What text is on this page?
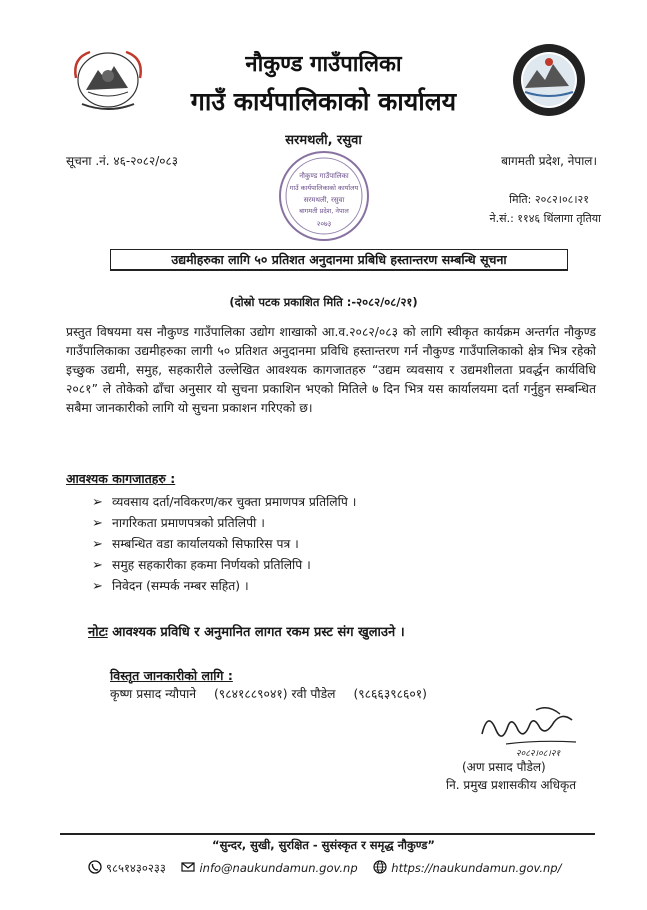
नौकुण्ड गाउँपालिका
गाउँ कार्यपालिकाको कार्यालय
सरमथली, रसुवा
सूचना .नं. ४६-२०८२/०८३	बागमती प्रदेश, नेपाल।
नौकुण्ड गाउँपालिका
गाउँ कार्यपालिकाको कार्यालय
सरमथली, रसुवा
बागमती प्रदेश, नेपाल
२०७३
मिति: २०८२।०८।२१
ने.सं.: ११४६ थिंलागा तृतिया
उद्यमीहरुका लागि ५० प्रतिशत अनुदानमा प्रबिधि हस्तान्तरण सम्बन्धि सूचना
(दोस्रो पटक प्रकाशित मिति :-२०८२/०८/२१)

प्रस्तुत विषयमा यस नौकुण्ड गाउँपालिका उद्योग शाखाको आ.व.२०८२/०८३ को लागि स्वीकृत कार्यक्रम अन्तर्गत नौकुण्ड गाउँपालिकाका उद्यमीहरुका लागी ५० प्रतिशत अनुदानमा प्रविधि हस्तान्तरण गर्न नौकुण्ड गाउँपालिकाको क्षेत्र भित्र रहेको इच्छुक उद्यमी, समुह, सहकारीले उल्लेखित आवश्यक कागजातहरु “उद्यम व्यवसाय र उद्यमशीलता प्रवर्द्धन कार्यविधि २०८१” ले तोकेको ढाँचा अनुसार यो सुचना प्रकाशिन भएको मितिले ७ दिन भित्र यस कार्यालयमा दर्ता गर्नुहुन सम्बन्धित सबैमा जानकारीको लागि यो सुचना प्रकाशन गरिएको छ।

आवश्यक कागजातहरु :
➢ व्यवसाय दर्ता/नविकरण/कर चुक्ता प्रमाणपत्र प्रतिलिपि ।
➢ नागरिकता प्रमाणपत्रको प्रतिलिपी ।
➢ सम्बन्धित वडा कार्यालयको सिफारिस पत्र ।
➢ समुह सहकारीका हकमा निर्णयको प्रतिलिपि ।
➢ निवेदन (सम्पर्क नम्बर सहित) ।
नोटः आवश्यक प्रविधि र अनुमानित लागत रकम प्रस्ट संग खुलाउने ।
विस्तृत जानकारीको लागि :
कृष्ण प्रसाद न्यौपाने (९८४१८८९०४१) रवी पौडेल (९८६६३९८६०१)
२०८२।०८।२१
(अण प्रसाद पौडेल)
नि. प्रमुख प्रशासकीय अधिकृत
“सुन्दर, सुखी, सुरक्षित - सुसंस्कृत र समृद्ध नौकुण्ड”
९८५१४३०२३३	info@naukundamun.gov.np	https://naukundamun.gov.np/
